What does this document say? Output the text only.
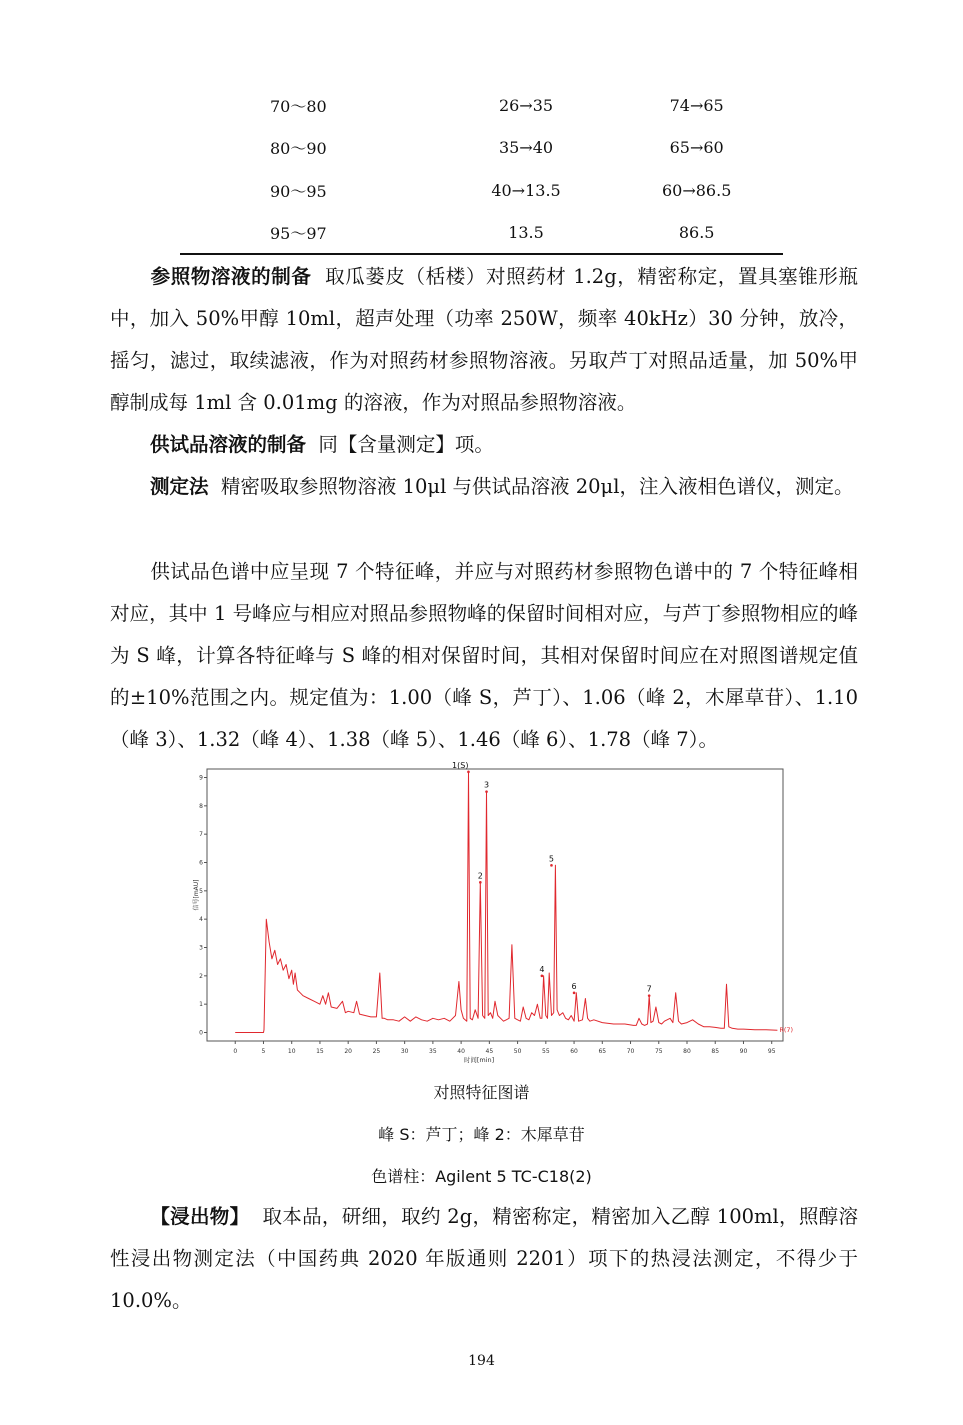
70～80	26→35	74→65
80～90	35→40	65→60
90～95	40→13.5	60→86.5
95～97	13.5	86.5
参照物溶液的制备 取瓜蒌皮（栝楼）对照药材 1.2g，精密称定，置具塞锥形瓶中，加入 50%甲醇 10ml，超声处理（功率 250W，频率 40kHz）30 分钟，放冷，摇匀，滤过，取续滤液，作为对照药材参照物溶液。另取芦丁对照品适量，加 50%甲醇制成每 1ml 含 0.01mg 的溶液，作为对照品参照物溶液。
供试品溶液的制备 同【含量测定】项。
测定法 精密吸取参照物溶液 10μl 与供试品溶液 20μl，注入液相色谱仪，测定。
供试品色谱中应呈现 7 个特征峰，并应与对照药材参照物色谱中的 7 个特征峰相对应，其中 1 号峰应与相应对照品参照物峰的保留时间相对应，与芦丁参照物相应的峰为 S 峰，计算各特征峰与 S 峰的相对保留时间，其相对保留时间应在对照图谱规定值的±10%范围之内。规定值为：1.00（峰 S，芦丁）、1.06（峰 2，木犀草苷）、1.10（峰 3）、1.32（峰 4）、1.38（峰 5）、1.46（峰 6）、1.78（峰 7）。
0	5	10	15	20	25	30	35	40	45	50	55	60	65	70	75	80	85	90	95
0
1
2
3
4
5
6
7
8
9
时间[min]
信号[mAU]
R(7)
1(S)
2
3
4
5
6	7
对照特征图谱
峰 S：芦丁；峰 2：木犀草苷
色谱柱：Agilent 5 TC-C18(2)
【浸出物】 取本品，研细，取约 2g，精密称定，精密加入乙醇 100ml，照醇溶性浸出物测定法（中国药典 2020 年版通则 2201）项下的热浸法测定，不得少于 10.0%。
194
